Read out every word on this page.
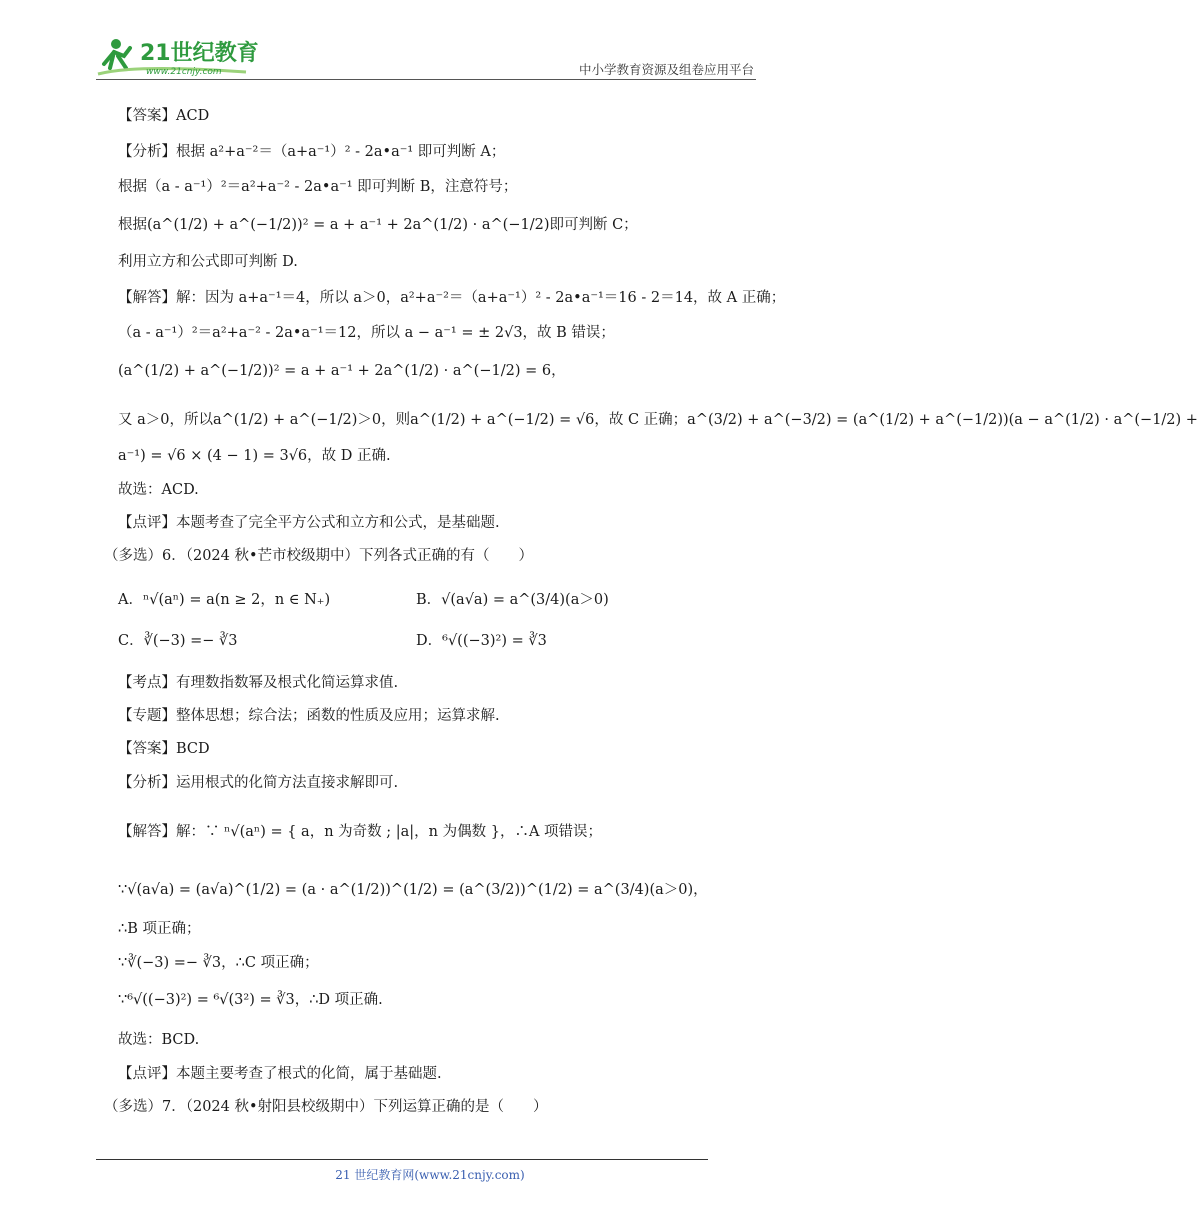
21世纪教育
www.21cnjy.com	中小学教育资源及组卷应用平台
【答案】ACD
【分析】根据 a²+a⁻²＝（a+a⁻¹）² - 2a•a⁻¹ 即可判断 A；
根据（a - a⁻¹）²＝a²+a⁻² - 2a•a⁻¹ 即可判断 B，注意符号；
根据(a^(1/2) + a^(−1/2))² = a + a⁻¹ + 2a^(1/2) · a^(−1/2)即可判断 C；
利用立方和公式即可判断 D.
【解答】解：因为 a+a⁻¹＝4，所以 a＞0，a²+a⁻²＝（a+a⁻¹）² - 2a•a⁻¹＝16 - 2＝14，故 A 正确；
（a - a⁻¹）²＝a²+a⁻² - 2a•a⁻¹＝12，所以 a − a⁻¹ = ± 2√3，故 B 错误；
(a^(1/2) + a^(−1/2))² = a + a⁻¹ + 2a^(1/2) · a^(−1/2) = 6，
又 a＞0，所以a^(1/2) + a^(−1/2)＞0，则a^(1/2) + a^(−1/2) = √6，故 C 正确；a^(3/2) + a^(−3/2) = (a^(1/2) + a^(−1/2))(a − a^(1/2) · a^(−1/2) +
a⁻¹) = √6 × (4 − 1) = 3√6，故 D 正确.
故选：ACD.
【点评】本题考查了完全平方公式和立方和公式，是基础题.
（多选）6．（2024 秋•芒市校级期中）下列各式正确的有（　　）
【考点】有理数指数幂及根式化简运算求值.
【专题】整体思想；综合法；函数的性质及应用；运算求解.
【答案】BCD
【分析】运用根式的化简方法直接求解即可.
【解答】解：∵ ⁿ√(aⁿ) = { a，n 为奇数 ; |a|，n 为偶数 }，∴A 项错误；
∵√(a√a) = (a√a)^(1/2) = (a · a^(1/2))^(1/2) = (a^(3/2))^(1/2) = a^(3/4)(a＞0)，
∴B 项正确；
∵∛(−3) =− ∛3，∴C 项正确；
∵⁶√((−3)²) = ⁶√(3²) = ∛3，∴D 项正确.
故选：BCD.
【点评】本题主要考查了根式的化简，属于基础题.
（多选）7．（2024 秋•射阳县校级期中）下列运算正确的是（　　）
A．ⁿ√(aⁿ) = a(n ≥ 2，n ∈ N₊)	B．√(a√a) = a^(3/4)(a＞0)
C．∛(−3) =− ∛3	D．⁶√((−3)²) = ∛3
21 世纪教育网(www.21cnjy.com)
